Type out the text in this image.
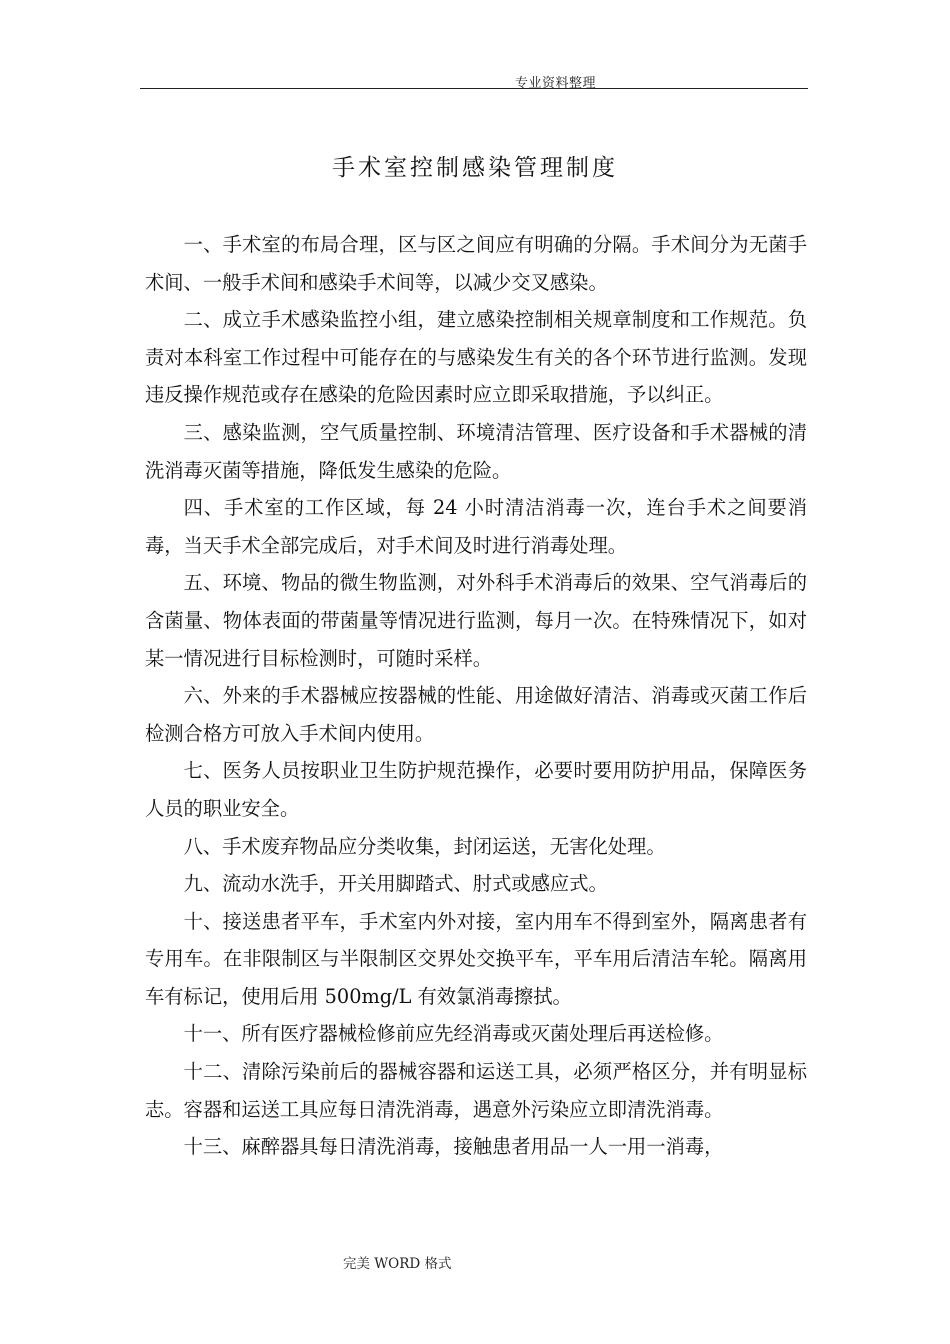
专业资料整理
手术室控制感染管理制度

一、手术室的布局合理，区与区之间应有明确的分隔。手术间分为无菌手术间、一般手术间和感染手术间等，以减少交叉感染。

二、成立手术感染监控小组，建立感染控制相关规章制度和工作规范。负责对本科室工作过程中可能存在的与感染发生有关的各个环节进行监测。发现违反操作规范或存在感染的危险因素时应立即采取措施，予以纠正。

三、感染监测，空气质量控制、环境清洁管理、医疗设备和手术器械的清洗消毒灭菌等措施，降低发生感染的危险。

四、手术室的工作区域，每 24 小时清洁消毒一次，连台手术之间要消毒，当天手术全部完成后，对手术间及时进行消毒处理。

五、环境、物品的微生物监测，对外科手术消毒后的效果、空气消毒后的含菌量、物体表面的带菌量等情况进行监测，每月一次。在特殊情况下，如对某一情况进行目标检测时，可随时采样。

六、外来的手术器械应按器械的性能、用途做好清洁、消毒或灭菌工作后检测合格方可放入手术间内使用。

七、医务人员按职业卫生防护规范操作，必要时要用防护用品，保障医务人员的职业安全。

八、手术废弃物品应分类收集，封闭运送，无害化处理。

九、流动水洗手，开关用脚踏式、肘式或感应式。

十、接送患者平车，手术室内外对接，室内用车不得到室外，隔离患者有专用车。在非限制区与半限制区交界处交换平车，平车用后清洁车轮。隔离用车有标记，使用后用 500mg/L 有效氯消毒擦拭。

十一、所有医疗器械检修前应先经消毒或灭菌处理后再送检修。

十二、清除污染前后的器械容器和运送工具，必须严格区分，并有明显标志。容器和运送工具应每日清洗消毒，遇意外污染应立即清洗消毒。

十三、麻醉器具每日清洗消毒，接触患者用品一人一用一消毒，

完美 WORD 格式
